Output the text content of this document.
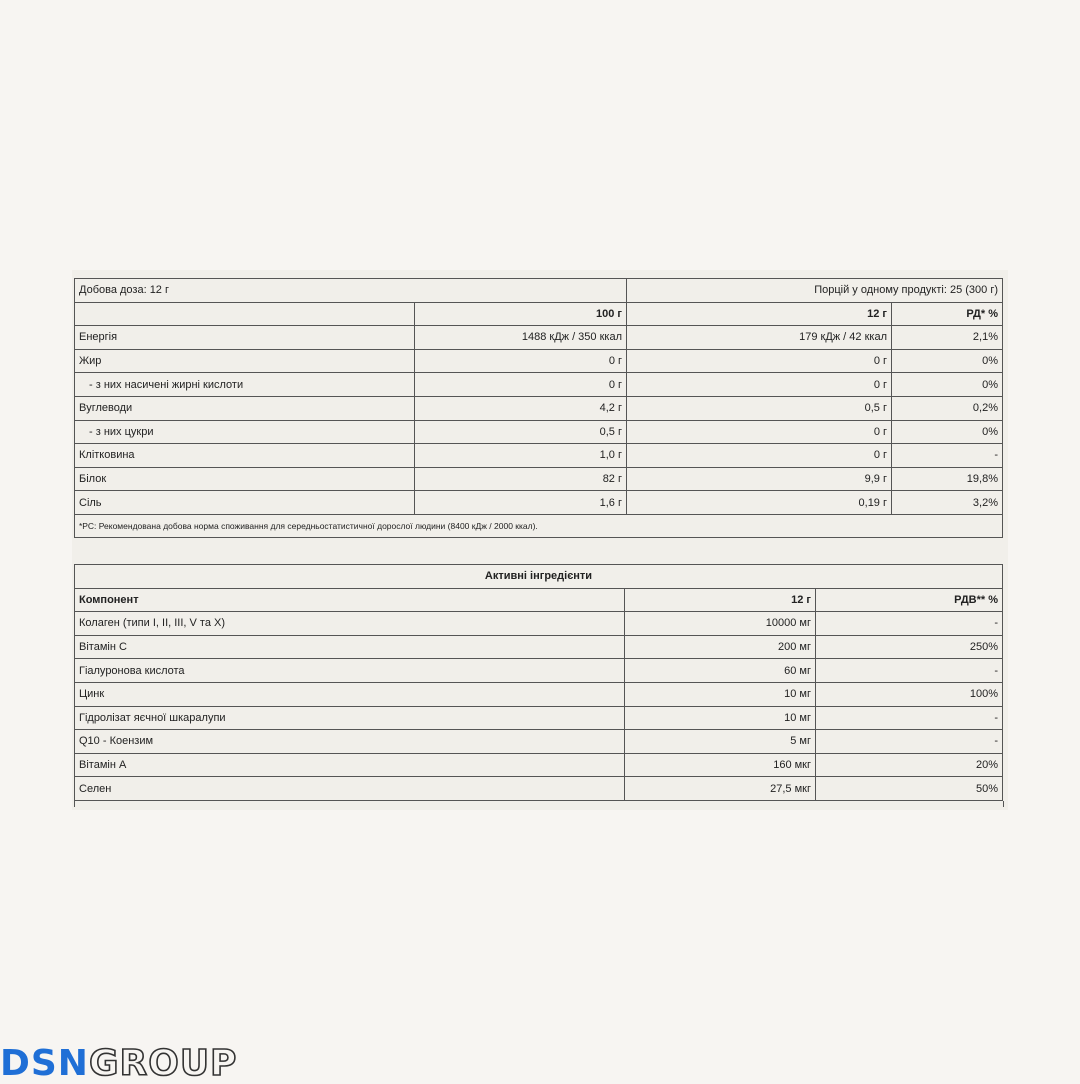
Добова доза: 12 г		Порцій у одному продукті: 25 (300 г)	
	100 г	12 г	РД* %
Енергія	1488 кДж / 350 ккал	179 кДж / 42 ккал	2,1%
Жир	0 г	0 г	0%
- з них насичені жирні кислоти	0 г	0 г	0%
Вуглеводи	4,2 г	0,5 г	0,2%
- з них цукри	0,5 г	0 г	0%
Клітковина	1,0 г	0 г	-
Білок	82 г	9,9 г	19,8%
Сіль	1,6 г	0,19 г	3,2%
*РС: Рекомендована добова норма споживання для середньостатистичної дорослої людини (8400 кДж / 2000 ккал).			
Активні інгредієнти		
Компонент	12 г	РДВ** %
Колаген (типи I, II, III, V та X)	10000 мг	-
Вітамін С	200 мг	250%
Гіалуронова кислота	60 мг	-
Цинк	10 мг	100%
Гідролізат яєчної шкаралупи	10 мг	-
Q10 - Коензим	5 мг	-
Вітамін А	160 мкг	20%
Селен	27,5 мкг	50%
DSNGROUP
